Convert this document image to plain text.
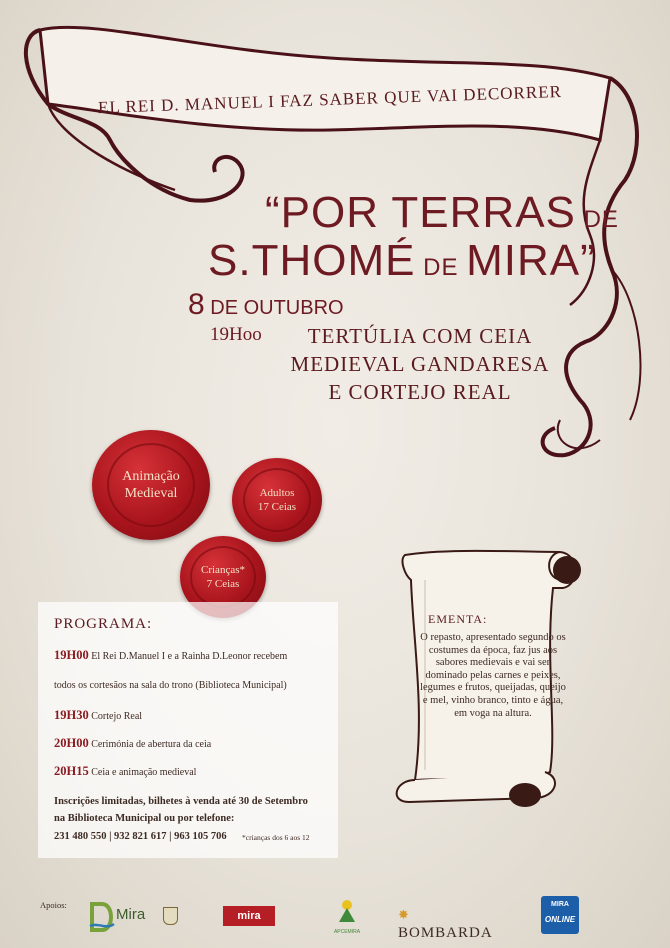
EL REI D. MANUEL I FAZ SABER QUE VAI DECORRER
“POR TERRAS DE
S.THOMÉ DE MIRA”
8 DE OUTUBRO
19Hoo	TERTÚLIA COM CEIA
MEDIEVAL GANDARESA
E CORTEJO REAL
Animação
Medieval	Adultos
17 Ceias
Crianças*
7 Ceias
EMENTA:
O repasto, apresentado segundo os costumes da época, faz jus aos sabores medievais e vai ser dominado pelas carnes e peixes, legumes e frutos, queijadas, queijo e mel, vinho branco, tinto e água, em voga na altura.
PROGRAMA:
19H00 El Rei D.Manuel I e a Rainha D.Leonor recebem
todos os cortesãos na sala do trono (Biblioteca Municipal)
19H30 Cortejo Real
20H00 Cerimónia de abertura da ceia
20H15 Ceia e animação medieval
Inscrições limitadas, bilhetes à venda até 30 de Setembro
na Biblioteca Municipal ou por telefone:
231 480 550 | 932 821 617 | 963 105 706 *crianças dos 6 aos 12
Apoios:
Mira	mira
APCEMIRA
✸ BOMBARDA
MIRA
ONLINE
